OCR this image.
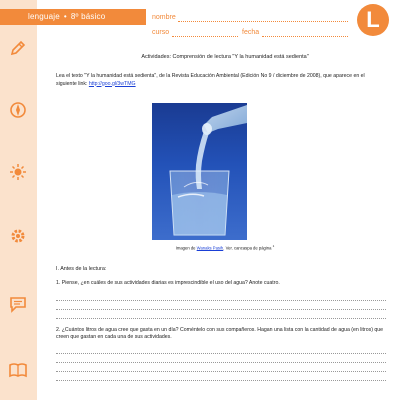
lenguaje • 8º básico	nombre
curso	fecha
L
Actividades: Comprensión de lectura "Y la humanidad está sedienta"
Lea el texto "Y la humanidad está sedienta", de la Revista Educación Ambiental (Edición No 9 / diciembre de 2008), que aparece en el siguiente link: http://goo.gl/3wTMG
Imagen de Wanaks Pasih. Ver. cancaspa de página $^1$
I. Antes de la lectura:
1. Piense, ¿en cuáles de sus actividades diarias es imprescindible el uso del agua? Anote cuatro.
2. ¿Cuántos litros de agua cree que gasta en un día? Coméntelo con sus compañeros. Hagan una lista con la cantidad de agua (en litros) que creen que gastan en cada una de sus actividades.
